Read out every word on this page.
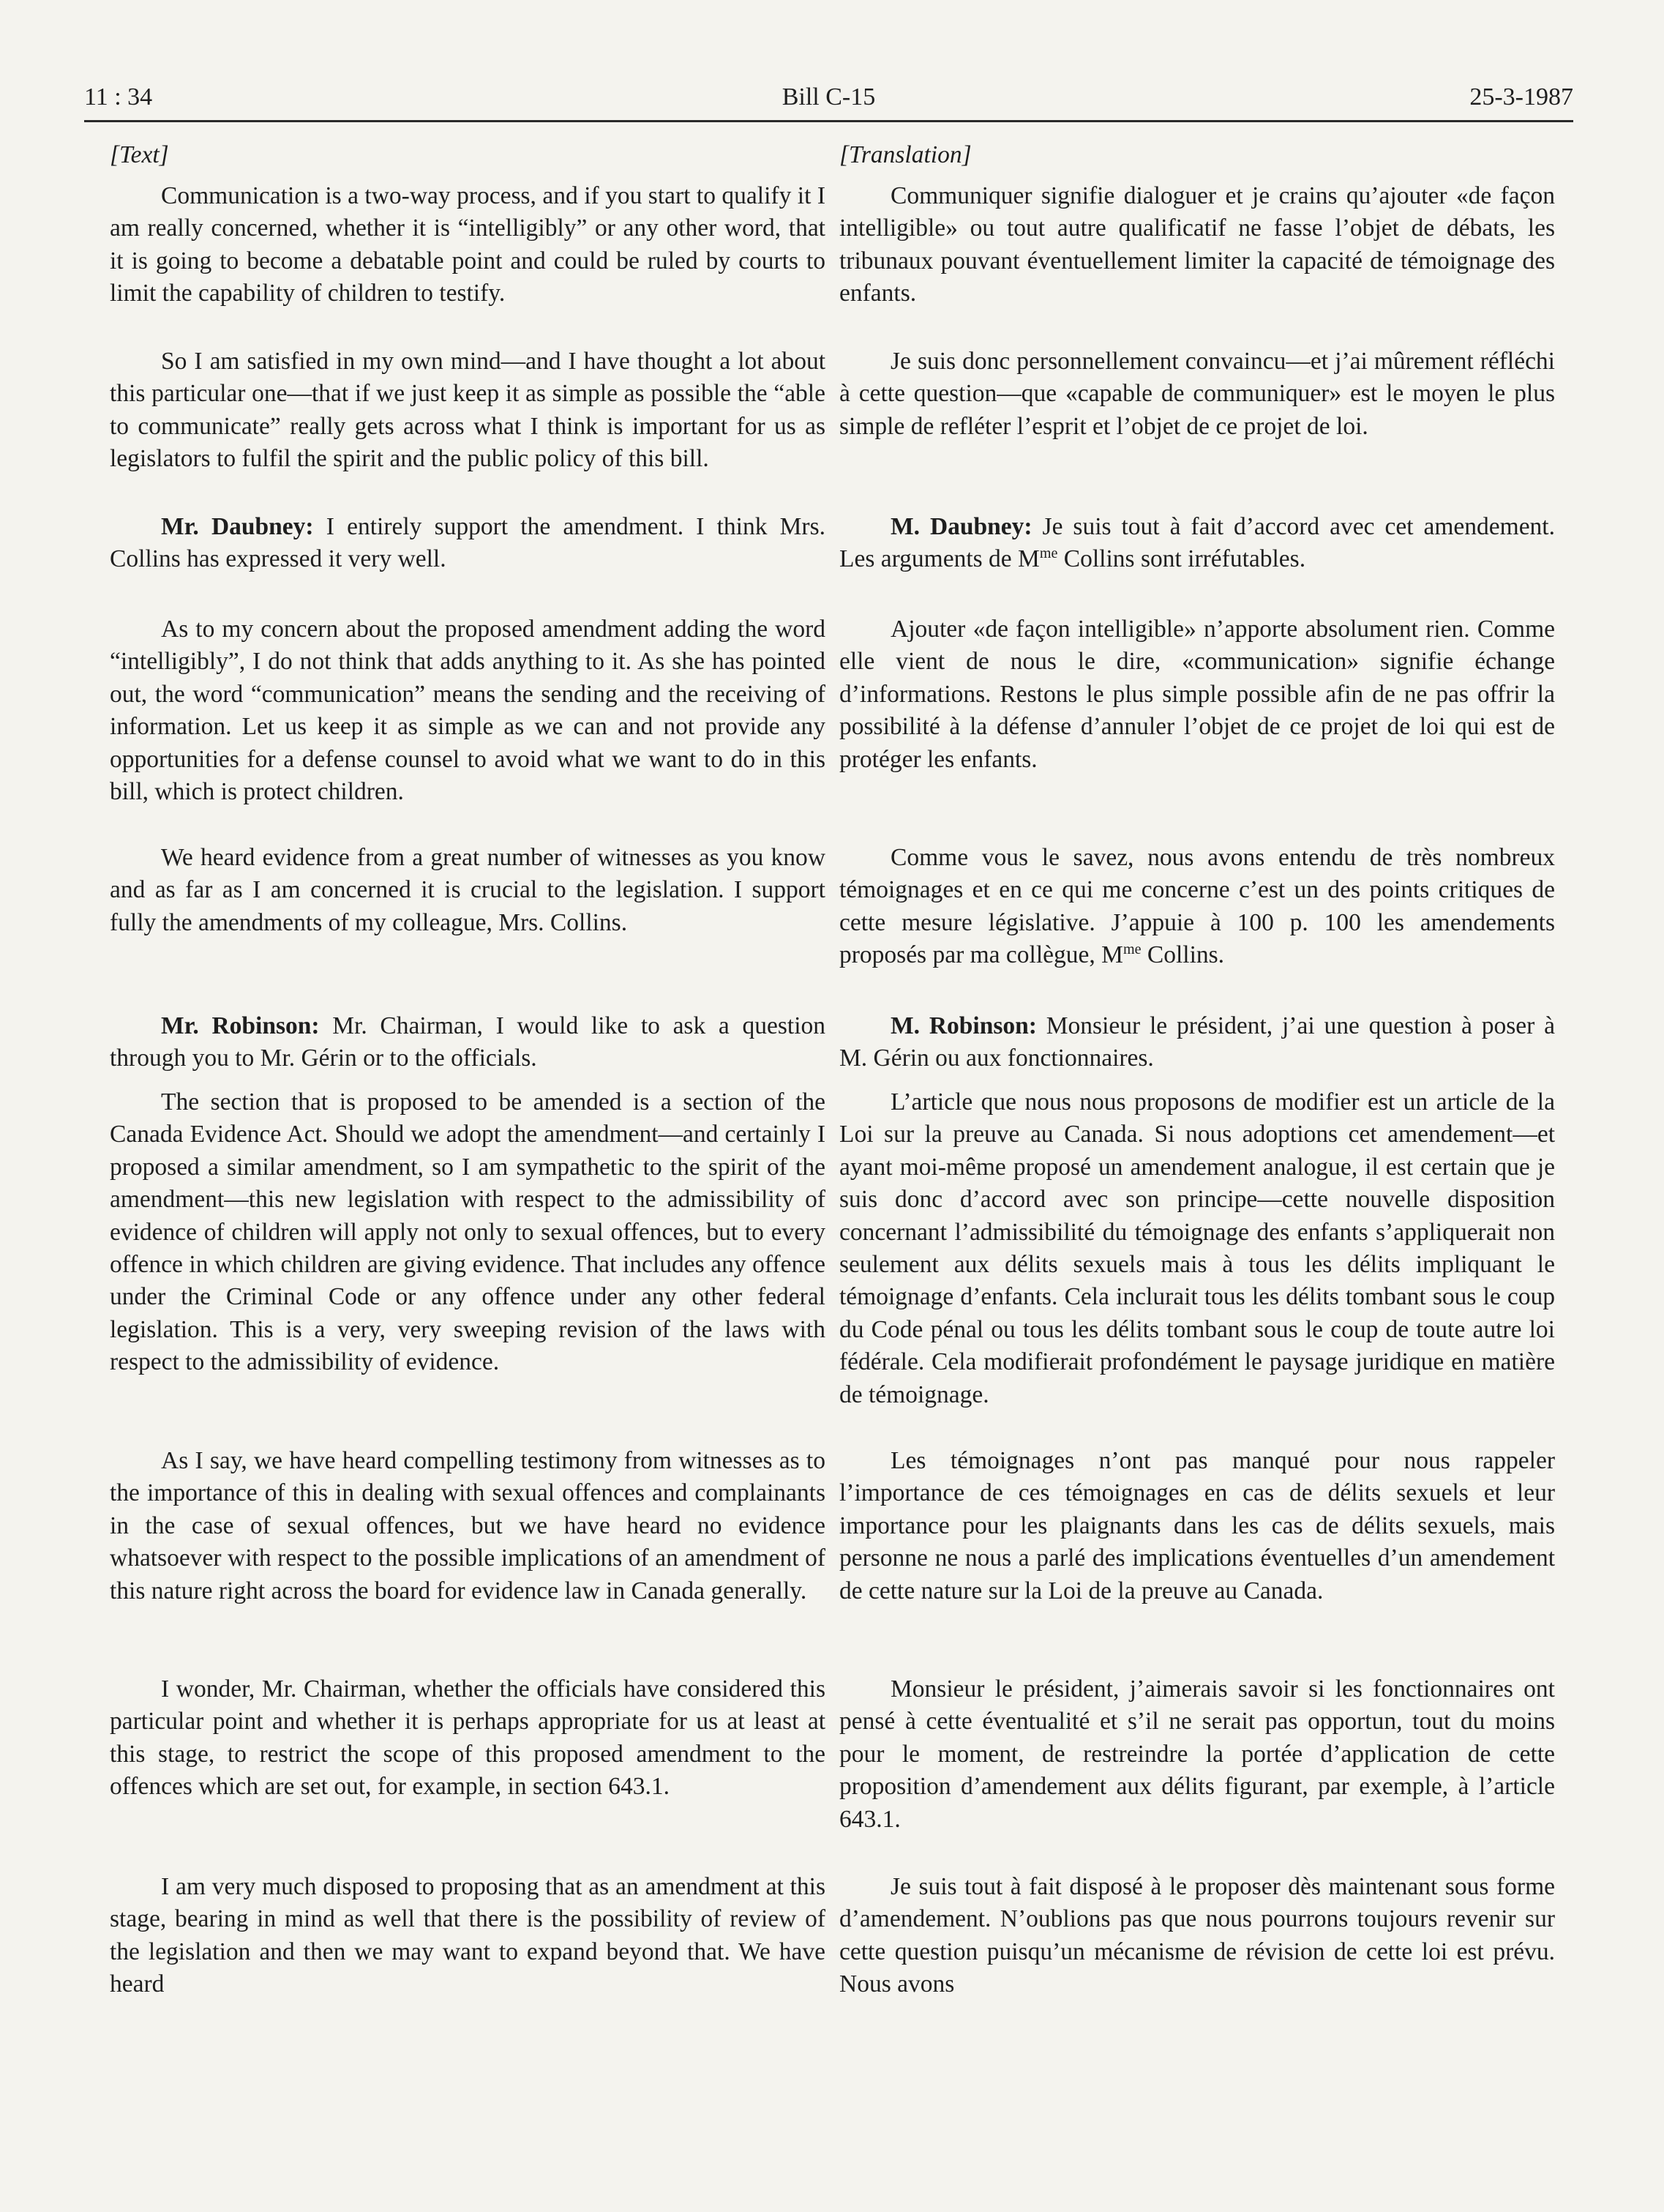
11 : 34	Bill C-15	25-3-1987
[Text]

Communication is a two-way process, and if you start to qualify it I am really concerned, whether it is “intelligibly” or any other word, that it is going to become a debatable point and could be ruled by courts to limit the capability of children to testify.

So I am satisfied in my own mind—and I have thought a lot about this particular one—that if we just keep it as simple as possible the “able to communicate” really gets across what I think is important for us as legislators to fulfil the spirit and the public policy of this bill.

Mr. Daubney: I entirely support the amendment. I think Mrs. Collins has expressed it very well.

As to my concern about the proposed amendment adding the word “intelligibly”, I do not think that adds anything to it. As she has pointed out, the word “communication” means the sending and the receiving of information. Let us keep it as simple as we can and not provide any opportunities for a defense counsel to avoid what we want to do in this bill, which is protect children.

We heard evidence from a great number of witnesses as you know and as far as I am concerned it is crucial to the legislation. I support fully the amendments of my colleague, Mrs. Collins.

Mr. Robinson: Mr. Chairman, I would like to ask a question through you to Mr. Gérin or to the officials.

The section that is proposed to be amended is a section of the Canada Evidence Act. Should we adopt the amendment—and certainly I proposed a similar amendment, so I am sympathetic to the spirit of the amendment—this new legislation with respect to the admissibility of evidence of children will apply not only to sexual offences, but to every offence in which children are giving evidence. That includes any offence under the Criminal Code or any offence under any other federal legislation. This is a very, very sweeping revision of the laws with respect to the admissibility of evidence.

As I say, we have heard compelling testimony from witnesses as to the importance of this in dealing with sexual offences and complainants in the case of sexual offences, but we have heard no evidence whatsoever with respect to the possible implications of an amendment of this nature right across the board for evidence law in Canada generally.

I wonder, Mr. Chairman, whether the officials have considered this particular point and whether it is perhaps appropriate for us at least at this stage, to restrict the scope of this proposed amendment to the offences which are set out, for example, in section 643.1.

I am very much disposed to proposing that as an amendment at this stage, bearing in mind as well that there is the possibility of review of the legislation and then we may want to expand beyond that. We have heard

[Translation]

Communiquer signifie dialoguer et je crains qu’ajouter «de façon intelligible» ou tout autre qualificatif ne fasse l’objet de débats, les tribunaux pouvant éventuellement limiter la capacité de témoignage des enfants.

Je suis donc personnellement convaincu—et j’ai mûrement réfléchi à cette question—que «capable de communiquer» est le moyen le plus simple de refléter l’esprit et l’objet de ce projet de loi.

M. Daubney: Je suis tout à fait d’accord avec cet amendement. Les arguments de $M^{me}$ Collins sont irréfutables.

Ajouter «de façon intelligible» n’apporte absolument rien. Comme elle vient de nous le dire, «communication» signifie échange d’informations. Restons le plus simple possible afin de ne pas offrir la possibilité à la défense d’annuler l’objet de ce projet de loi qui est de protéger les enfants.

Comme vous le savez, nous avons entendu de très nombreux témoignages et en ce qui me concerne c’est un des points critiques de cette mesure législative. J’appuie à 100 p. 100 les amendements proposés par ma collègue, $M^{me}$ Collins.

M. Robinson: Monsieur le président, j’ai une question à poser à M. Gérin ou aux fonctionnaires.

L’article que nous nous proposons de modifier est un article de la Loi sur la preuve au Canada. Si nous adoptions cet amendement—et ayant moi-même proposé un amendement analogue, il est certain que je suis donc d’accord avec son principe—cette nouvelle disposition concernant l’admissibilité du témoignage des enfants s’appliquerait non seulement aux délits sexuels mais à tous les délits impliquant le témoignage d’enfants. Cela inclurait tous les délits tombant sous le coup du Code pénal ou tous les délits tombant sous le coup de toute autre loi fédérale. Cela modifierait profondément le paysage juridique en matière de témoignage.

Les témoignages n’ont pas manqué pour nous rappeler l’importance de ces témoignages en cas de délits sexuels et leur importance pour les plaignants dans les cas de délits sexuels, mais personne ne nous a parlé des implications éventuelles d’un amendement de cette nature sur la Loi de la preuve au Canada.

Monsieur le président, j’aimerais savoir si les fonctionnaires ont pensé à cette éventualité et s’il ne serait pas opportun, tout du moins pour le moment, de restreindre la portée d’application de cette proposition d’amendement aux délits figurant, par exemple, à l’article 643.1.

Je suis tout à fait disposé à le proposer dès maintenant sous forme d’amendement. N’oublions pas que nous pourrons toujours revenir sur cette question puisqu’un mécanisme de révision de cette loi est prévu. Nous avons
